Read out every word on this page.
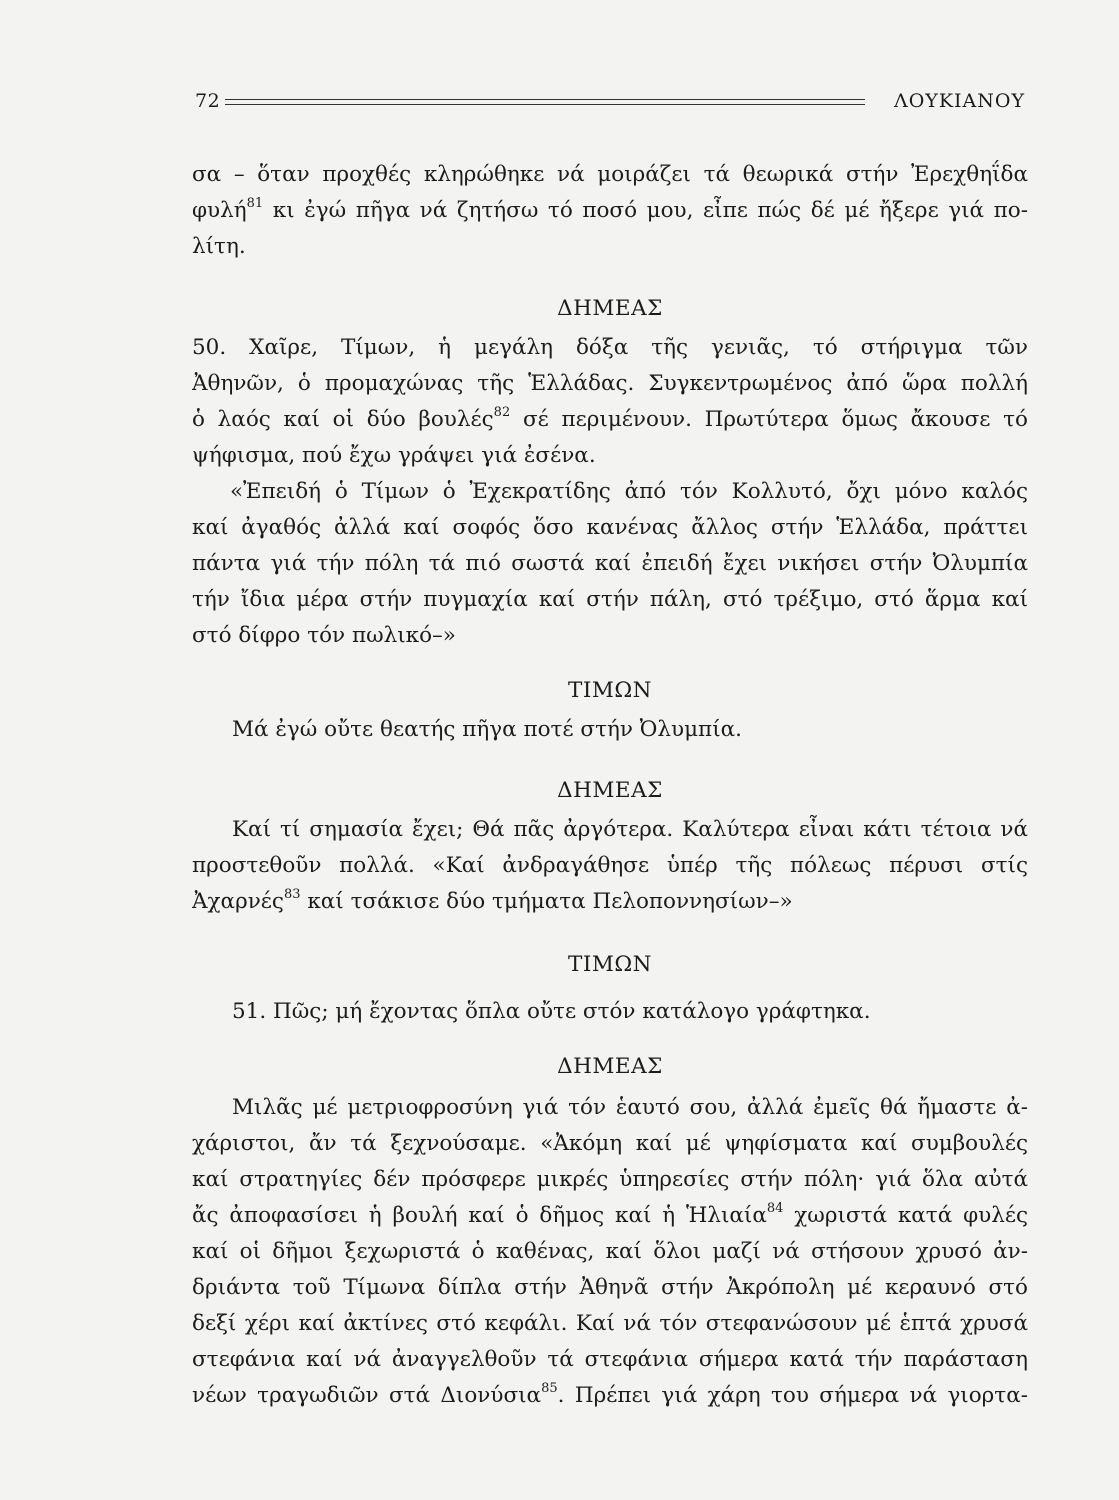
72	ΛΟΥΚΙΑΝΟΥ
σα – ὅταν προχθές κληρώθηκε νά μοιράζει τά θεωρικά στήν Ἐρεχθηΐδα
φυλή$^{81}$ κι ἐγώ πῆγα νά ζητήσω τό ποσό μου, εἶπε πώς δέ μέ ἤξερε γιά πο-
λίτη.
ΔΗΜΕΑΣ
50. Χαῖρε, Τίμων, ἡ μεγάλη δόξα τῆς γενιᾶς, τό στήριγμα τῶν
Ἀθηνῶν, ὁ προμαχώνας τῆς Ἑλλάδας. Συγκεντρωμένος ἀπό ὥρα πολλή
ὁ λαός καί οἱ δύο βουλές$^{82}$ σέ περιμένουν. Πρωτύτερα ὅμως ἄκουσε τό
ψήφισμα, πού ἔχω γράψει γιά ἐσένα.
«Ἐπειδή ὁ Τίμων ὁ Ἐχεκρατίδης ἀπό τόν Κολλυτό, ὄχι μόνο καλός
καί ἀγαθός ἀλλά καί σοφός ὅσο κανένας ἄλλος στήν Ἑλλάδα, πράττει
πάντα γιά τήν πόλη τά πιό σωστά καί ἐπειδή ἔχει νικήσει στήν Ὀλυμπία
τήν ἴδια μέρα στήν πυγμαχία καί στήν πάλη, στό τρέξιμο, στό ἅρμα καί
στό δίφρο τόν πωλικό–»
ΤΙΜΩΝ
Μά ἐγώ οὔτε θεατής πῆγα ποτέ στήν Ὀλυμπία.
ΔΗΜΕΑΣ
Καί τί σημασία ἔχει; Θά πᾶς ἀργότερα. Καλύτερα εἶναι κάτι τέτοια νά
προστεθοῦν πολλά. «Καί ἀνδραγάθησε ὑπέρ τῆς πόλεως πέρυσι στίς
Ἀχαρνές$^{83}$ καί τσάκισε δύο τμήματα Πελοποννησίων–»
ΤΙΜΩΝ
51. Πῶς; μή ἔχοντας ὅπλα οὔτε στόν κατάλογο γράφτηκα.
ΔΗΜΕΑΣ
Μιλᾶς μέ μετριοφροσύνη γιά τόν ἑαυτό σου, ἀλλά ἐμεῖς θά ἤμαστε ἀ-
χάριστοι, ἄν τά ξεχνούσαμε. «Ἀκόμη καί μέ ψηφίσματα καί συμβουλές
καί στρατηγίες δέν πρόσφερε μικρές ὑπηρεσίες στήν πόλη· γιά ὅλα αὐτά
ἄς ἀποφασίσει ἡ βουλή καί ὁ δῆμος καί ἡ Ἡλιαία$^{84}$ χωριστά κατά φυλές
καί οἱ δῆμοι ξεχωριστά ὁ καθένας, καί ὅλοι μαζί νά στήσουν χρυσό ἀν-
δριάντα τοῦ Τίμωνα δίπλα στήν Ἀθηνᾶ στήν Ἀκρόπολη μέ κεραυνό στό
δεξί χέρι καί ἀκτίνες στό κεφάλι. Καί νά τόν στεφανώσουν μέ ἑπτά χρυσά
στεφάνια καί νά ἀναγγελθοῦν τά στεφάνια σήμερα κατά τήν παράσταση
νέων τραγωδιῶν στά Διονύσια$^{85}$. Πρέπει γιά χάρη του σήμερα νά γιορτα-
